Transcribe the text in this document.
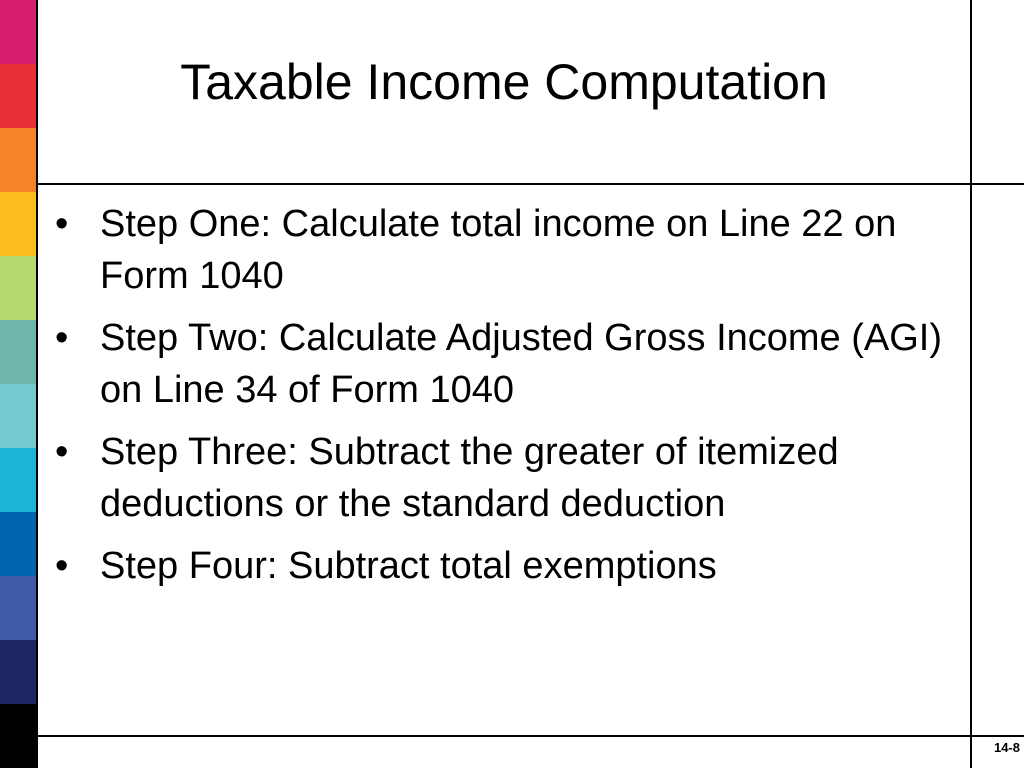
Taxable Income Computation
• Step One: Calculate total income on Line 22 on Form 1040
• Step Two: Calculate Adjusted Gross Income (AGI) on Line 34 of Form 1040
• Step Three: Subtract the greater of itemized deductions or the standard deduction
• Step Four: Subtract total exemptions
14-8
